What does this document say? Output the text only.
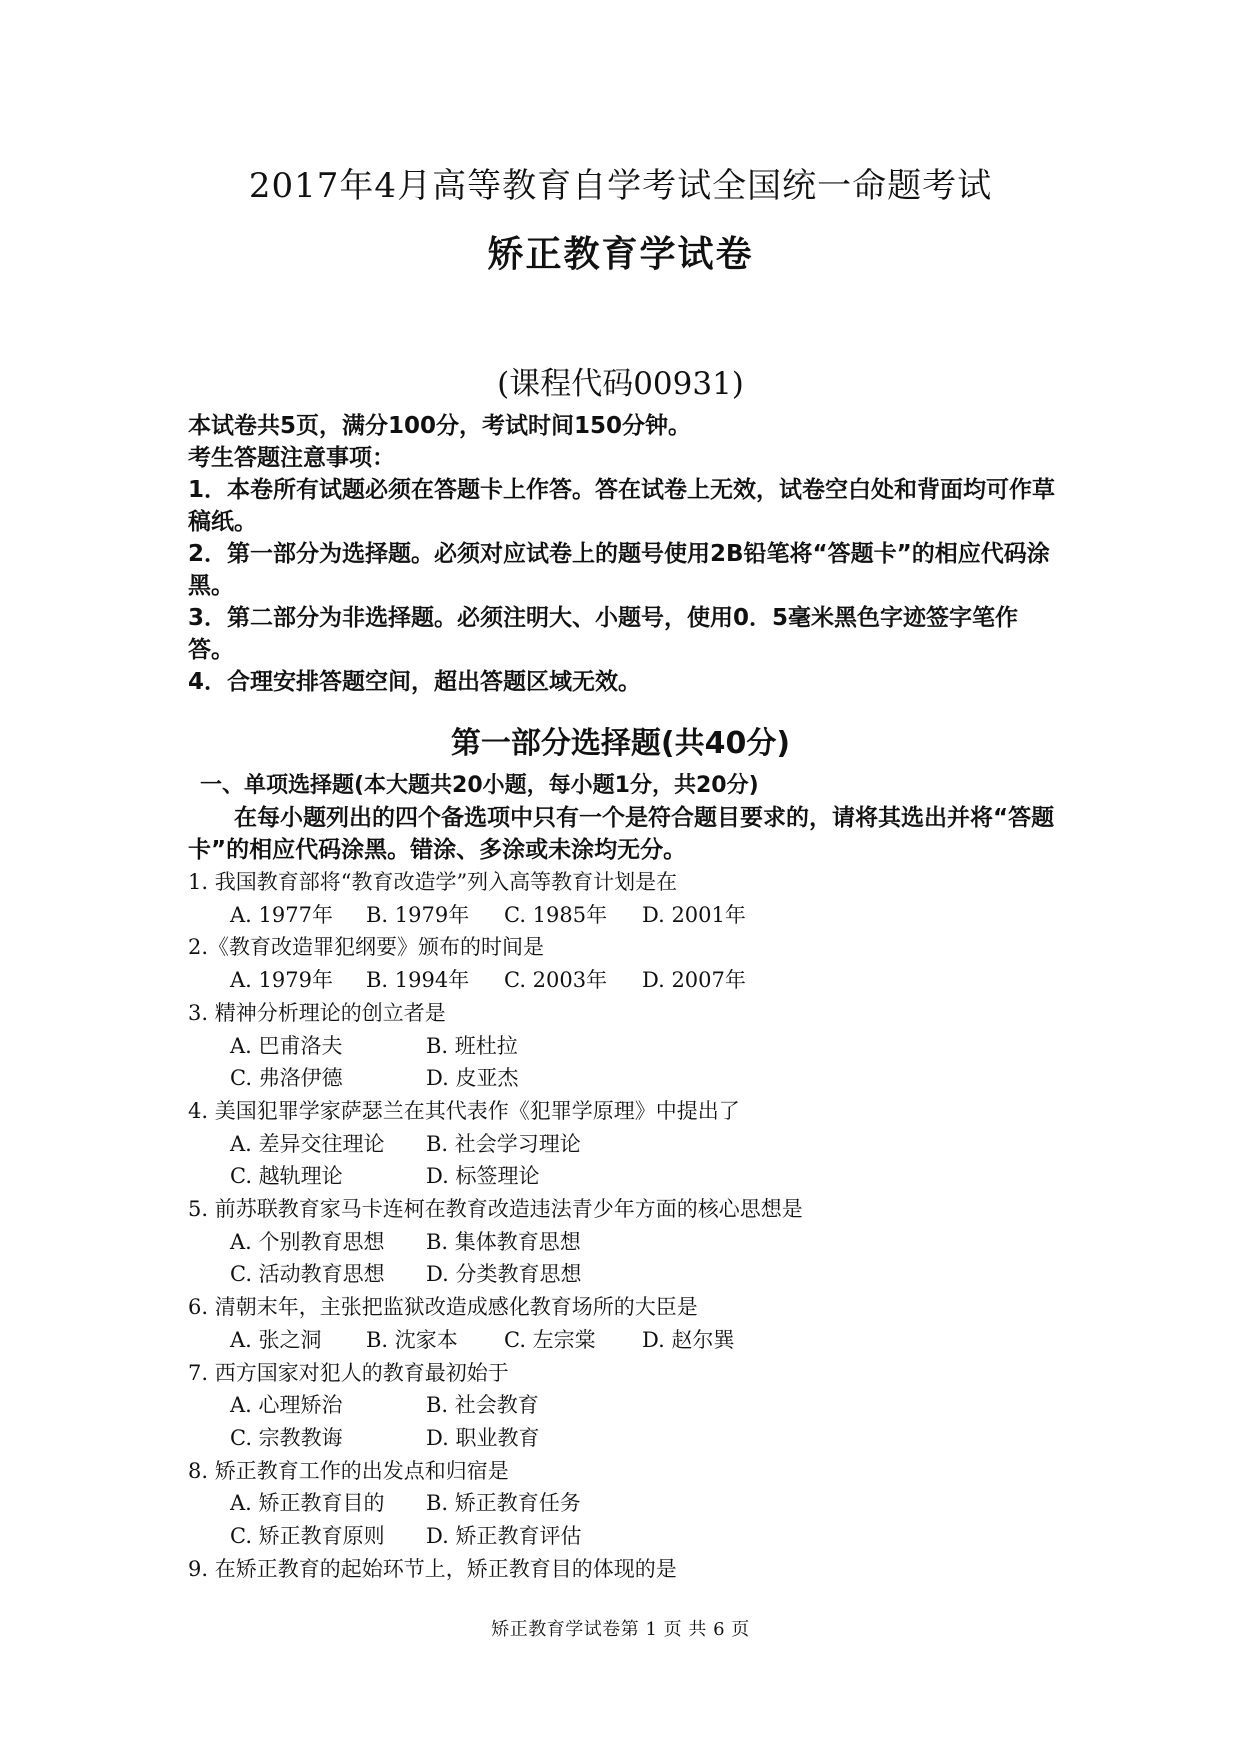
2017年4月高等教育自学考试全国统一命题考试
矫正教育学试卷
(课程代码00931)
本试卷共5页，满分100分，考试时间150分钟。
考生答题注意事项：
1．本卷所有试题必须在答题卡上作答。答在试卷上无效，试卷空白处和背面均可作草稿纸。
2．第一部分为选择题。必须对应试卷上的题号使用2B铅笔将“答题卡”的相应代码涂黑。
3．第二部分为非选择题。必须注明大、小题号，使用0．5毫米黑色字迹签字笔作答。
4．合理安排答题空间，超出答题区域无效。
第一部分选择题(共40分)
一、单项选择题(本大题共20小题，每小题1分，共20分)
在每小题列出的四个备选项中只有一个是符合题目要求的，请将其选出并将“答题卡”的相应代码涂黑。错涂、多涂或未涂均无分。
1. 我国教育部将“教育改造学”列入高等教育计划是在
A. 1977年 B. 1979年 C. 1985年 D. 2001年
2.《教育改造罪犯纲要》颁布的时间是
A. 1979年 B. 1994年 C. 2003年 D. 2007年
3. 精神分析理论的创立者是
A. 巴甫洛夫	B. 班杜拉
C. 弗洛伊德	D. 皮亚杰
4. 美国犯罪学家萨瑟兰在其代表作《犯罪学原理》中提出了
A. 差异交往理论 B. 社会学习理论
C. 越轨理论	D. 标签理论
5. 前苏联教育家马卡连柯在教育改造违法青少年方面的核心思想是
A. 个别教育思想 B. 集体教育思想
C. 活动教育思想 D. 分类教育思想
6. 清朝末年，主张把监狱改造成感化教育场所的大臣是
A. 张之洞 B. 沈家本 C. 左宗棠 D. 赵尔巽
7. 西方国家对犯人的教育最初始于
A. 心理矫治	B. 社会教育
C. 宗教教诲	D. 职业教育
8. 矫正教育工作的出发点和归宿是
A. 矫正教育目的 B. 矫正教育任务
C. 矫正教育原则 D. 矫正教育评估
9. 在矫正教育的起始环节上，矫正教育目的体现的是
矫正教育学试卷第 1 页 共 6 页
